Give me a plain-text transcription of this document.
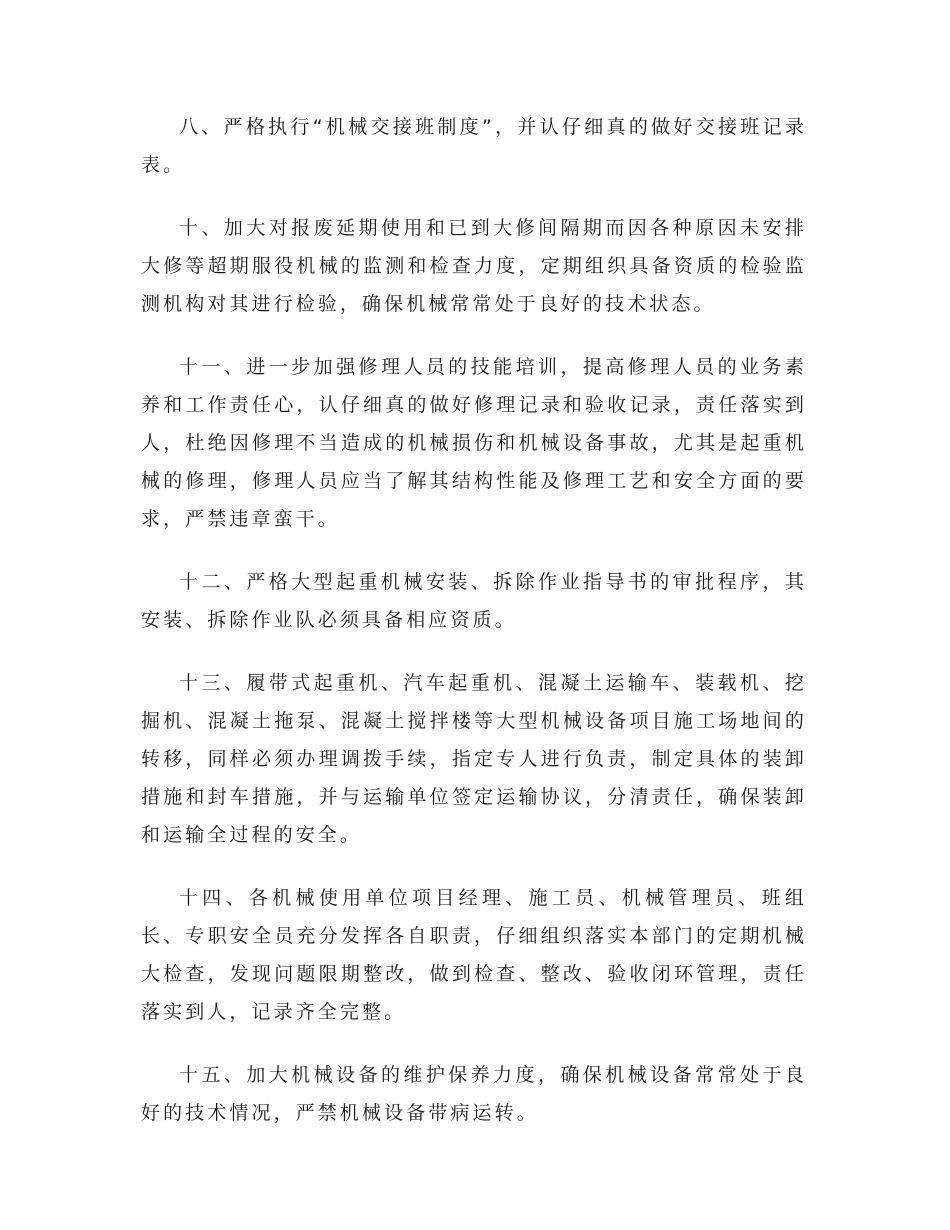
八、严格执行“机械交接班制度”，并认仔细真的做好交接班记录表。

十、加大对报废延期使用和已到大修间隔期而因各种原因未安排大修等超期服役机械的监测和检查力度，定期组织具备资质的检验监测机构对其进行检验，确保机械常常处于良好的技术状态。

十一、进一步加强修理人员的技能培训，提高修理人员的业务素养和工作责任心，认仔细真的做好修理记录和验收记录，责任落实到人，杜绝因修理不当造成的机械损伤和机械设备事故，尤其是起重机械的修理，修理人员应当了解其结构性能及修理工艺和安全方面的要求，严禁违章蛮干。

十二、严格大型起重机械安装、拆除作业指导书的审批程序，其安装、拆除作业队必须具备相应资质。

十三、履带式起重机、汽车起重机、混凝土运输车、装载机、挖掘机、混凝土拖泵、混凝土搅拌楼等大型机械设备项目施工场地间的转移，同样必须办理调拨手续，指定专人进行负责，制定具体的装卸措施和封车措施，并与运输单位签定运输协议，分清责任，确保装卸和运输全过程的安全。

十四、各机械使用单位项目经理、施工员、机械管理员、班组长、专职安全员充分发挥各自职责，仔细组织落实本部门的定期机械大检查，发现问题限期整改，做到检查、整改、验收闭环管理，责任落实到人，记录齐全完整。

十五、加大机械设备的维护保养力度，确保机械设备常常处于良好的技术情况，严禁机械设备带病运转。
